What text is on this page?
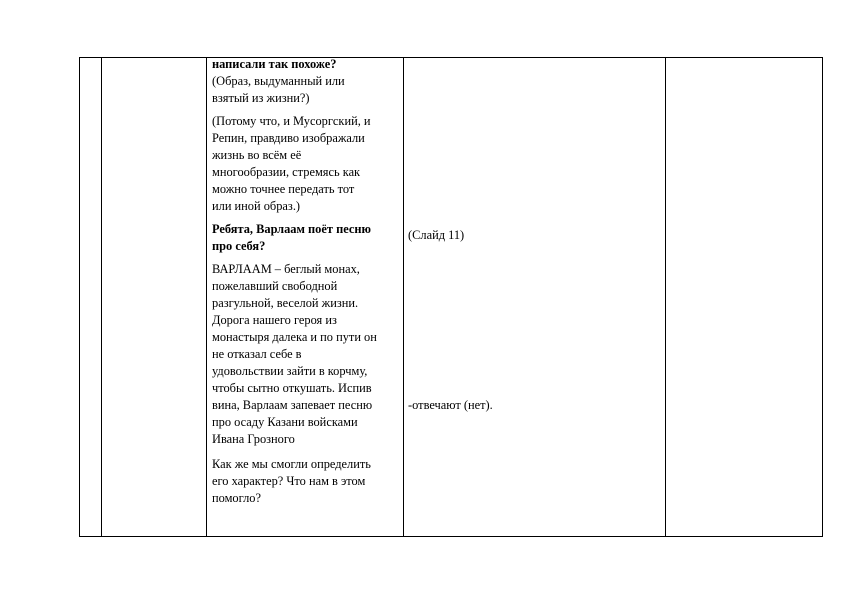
написали так похоже?

(Образ, выдуманный или
взятый из жизни?)

(Потому что, и Мусоргский, и
Репин, правдиво изображали
жизнь во всём её
многообразии, стремясь как
можно точнее передать тот
или иной образ.)

Ребята, Варлаам поёт песню
про себя?

ВАРЛААМ – беглый монах,
пожелавший свободной
разгульной, веселой жизни.
Дорога нашего героя из
монастыря далека и по пути он
не отказал себе в
удовольствии зайти в корчму,
чтобы сытно откушать. Испив
вина, Варлаам запевает песню
про осаду Казани войсками
Ивана Грозного

Как же мы смогли определить
его характер? Что нам в этом
помогло?

(Слайд 11)

-отвечают (нет).
